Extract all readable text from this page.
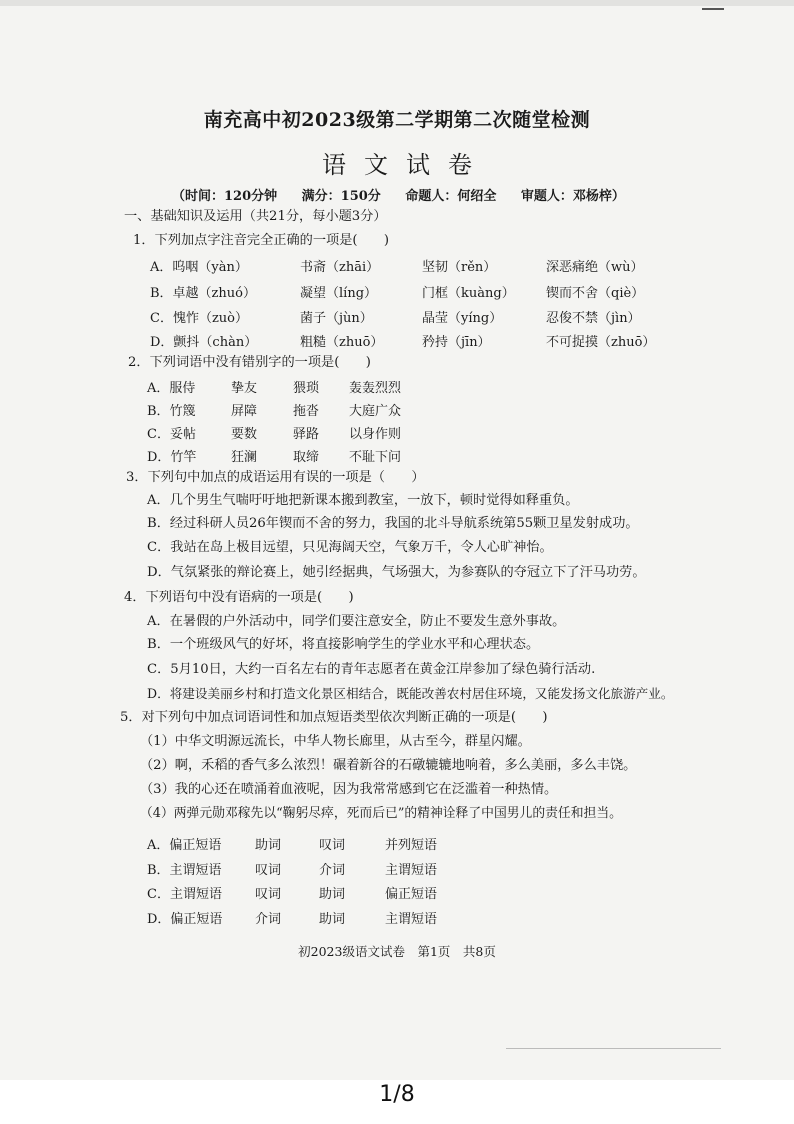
南充高中初2023级第二学期第二次随堂检测
语文试卷
（时间：120分钟 满分：150分 命题人：何绍全 审题人：邓杨梓）
一、基础知识及运用（共21分，每小题3分）
1．下列加点字注音完全正确的一项是(　　)
A．呜咽（yàn）	书斋（zhāi）	坚韧（rěn）	深恶痛绝（wù）
B．卓越（zhuó）	凝望（líng）	门框（kuàng） 锲而不舍（qiè）
C．愧怍（zuò）	菌子（jùn）	晶莹（yíng）	忍俊不禁（jìn）
D．颤抖（chàn）	粗糙（zhuō）	矜持（jīn）	不可捉摸（zhuō）
2．下列词语中没有错别字的一项是(　　)
A．服侍	挚友	猥琐 轰轰烈烈
B．竹篾	屏障	拖沓 大庭广众
C．妥帖	要数	驿路 以身作则
D．竹竿	狂澜	取缔 不耻下问
3．下列句中加点的成语运用有误的一项是（　　）
A．几个男生气喘吁吁地把新课本搬到教室，一放下，顿时觉得如释重负。
B．经过科研人员26年锲而不舍的努力，我国的北斗导航系统第55颗卫星发射成功。
C．我站在岛上极目远望，只见海阔天空，气象万千，令人心旷神怡。
D．气氛紧张的辩论赛上，她引经据典，气场强大，为参赛队的夺冠立下了汗马功劳。
4．下列语句中没有语病的一项是(　　)
A．在暑假的户外活动中，同学们要注意安全，防止不要发生意外事故。
B．一个班级风气的好坏，将直接影响学生的学业水平和心理状态。
C．5月10日，大约一百名左右的青年志愿者在黄金江岸参加了绿色骑行活动.
D．将建设美丽乡村和打造文化景区相结合，既能改善农村居住环境，又能发扬文化旅游产业。
5．对下列句中加点词语词性和加点短语类型依次判断正确的一项是(　　)
（1）中华文明源远流长，中华人物长廊里，从古至今，群星闪耀。
（2）啊，禾稻的香气多么浓烈！碾着新谷的石礅辘辘地响着，多么美丽，多么丰饶。
（3）我的心还在喷涌着血液呢，因为我常常感到它在泛滥着一种热情。
（4）两弹元勋邓稼先以“鞠躬尽瘁，死而后已”的精神诠释了中国男儿的责任和担当。
A．偏正短语	助词	叹词	并列短语
B．主谓短语	叹词	介词	主谓短语
C．主谓短语	叹词	助词	偏正短语
D．偏正短语	介词	助词	主谓短语
初2023级语文试卷　第1页　共8页
1/8
